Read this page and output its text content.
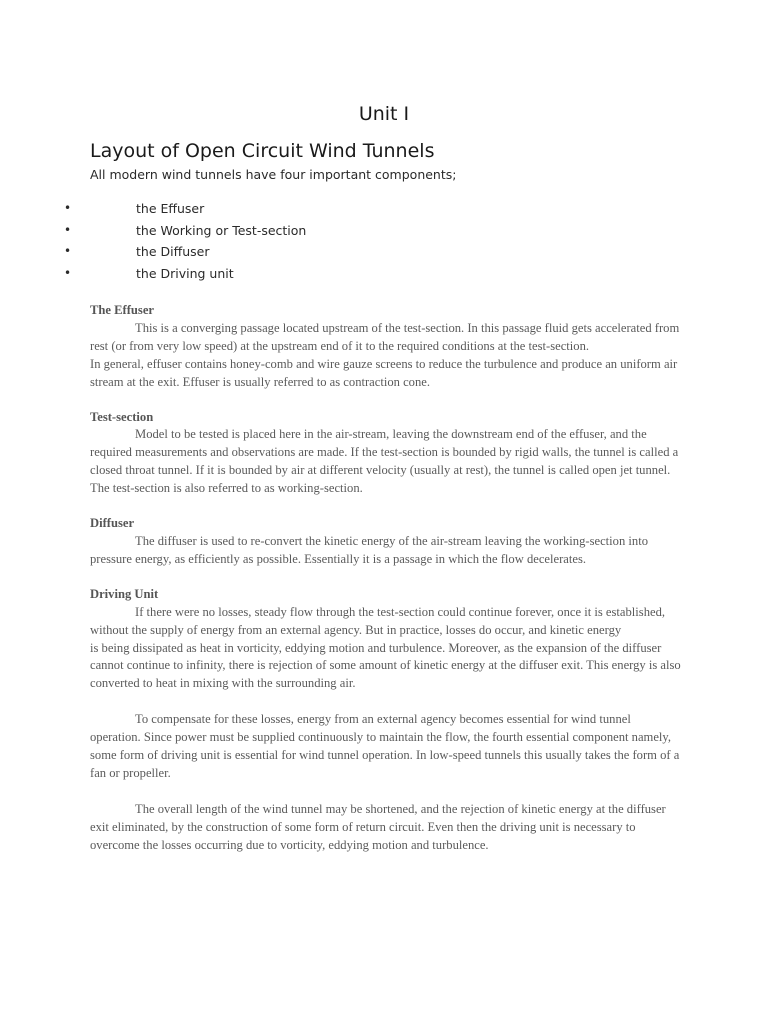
Unit I
Layout of Open Circuit Wind Tunnels

All modern wind tunnels have four important components;

•	the Effuser
•	the Working or Test-section
•	the Diffuser
•	the Driving unit
The Effuser

This is a converging passage located upstream of the test-section. In this passage fluid gets accelerated from rest (or from very low speed) at the upstream end of it to the required conditions at the test-section.

In general, effuser contains honey-comb and wire gauze screens to reduce the turbulence and produce an uniform air stream at the exit. Effuser is usually referred to as contraction cone.

Test-section

Model to be tested is placed here in the air-stream, leaving the downstream end of the effuser, and the required measurements and observations are made. If the test-section is bounded by rigid walls, the tunnel is called a closed throat tunnel. If it is bounded by air at different velocity (usually at rest), the tunnel is called open jet tunnel. The test-section is also referred to as working-section.

Diffuser

The diffuser is used to re-convert the kinetic energy of the air-stream leaving the working-section into pressure energy, as efficiently as possible. Essentially it is a passage in which the flow decelerates.

Driving Unit

If there were no losses, steady flow through the test-section could continue forever, once it is established, without the supply of energy from an external agency. But in practice, losses do occur, and kinetic energy

is being dissipated as heat in vorticity, eddying motion and turbulence. Moreover, as the expansion of the diffuser cannot continue to infinity, there is rejection of some amount of kinetic energy at the diffuser exit. This energy is also converted to heat in mixing with the surrounding air.

To compensate for these losses, energy from an external agency becomes essential for wind tunnel operation. Since power must be supplied continuously to maintain the flow, the fourth essential component namely, some form of driving unit is essential for wind tunnel operation. In low-speed tunnels this usually takes the form of a fan or propeller.

The overall length of the wind tunnel may be shortened, and the rejection of kinetic energy at the diffuser exit eliminated, by the construction of some form of return circuit. Even then the driving unit is necessary to overcome the losses occurring due to vorticity, eddying motion and turbulence.
